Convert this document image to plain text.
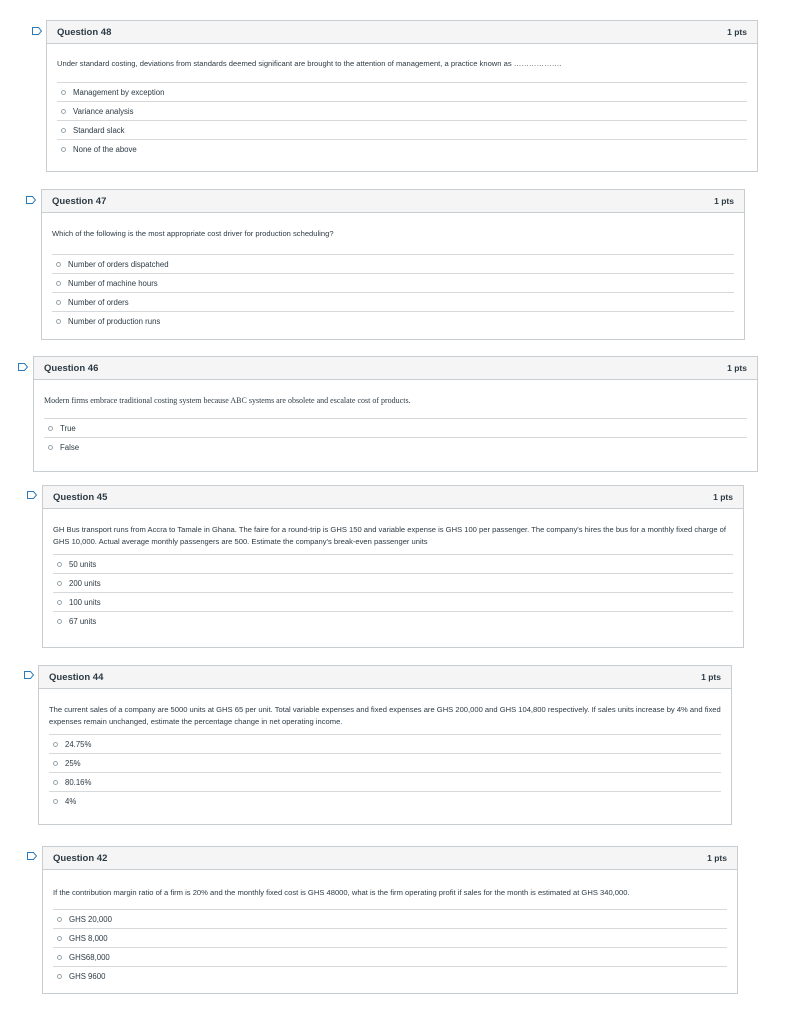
Question 48	1 pts
Under standard costing, deviations from standards deemed significant are brought to the attention of management, a practice known as ……………….
Management by exception
Variance analysis
Standard slack
None of the above
Question 47	1 pts
Which of the following is the most appropriate cost driver for production scheduling?
Number of orders dispatched
Number of machine hours
Number of orders
Number of production runs
Question 46	1 pts
Modern firms embrace traditional costing system because ABC systems are obsolete and escalate cost of products.
True
False
Question 45	1 pts
GH Bus transport runs from Accra to Tamale in Ghana. The faire for a round-trip is GHS 150 and variable expense is GHS 100 per passenger. The company's hires the bus for a monthly fixed charge of GHS 10,000. Actual average monthly passengers are 500. Estimate the company's break-even passenger units
50 units
200 units
100 units
67 units
Question 44	1 pts
The current sales of a company are 5000 units at GHS 65 per unit. Total variable expenses and fixed expenses are GHS 200,000 and GHS 104,800 respectively. If sales units increase by 4% and fixed expenses remain unchanged, estimate the percentage change in net operating income.
24.75%
25%
80.16%
4%
Question 42	1 pts
If the contribution margin ratio of a firm is 20% and the monthly fixed cost is GHS 48000, what is the firm operating profit if sales for the month is estimated at GHS 340,000.
GHS 20,000
GHS 8,000
GHS68,000
GHS 9600
